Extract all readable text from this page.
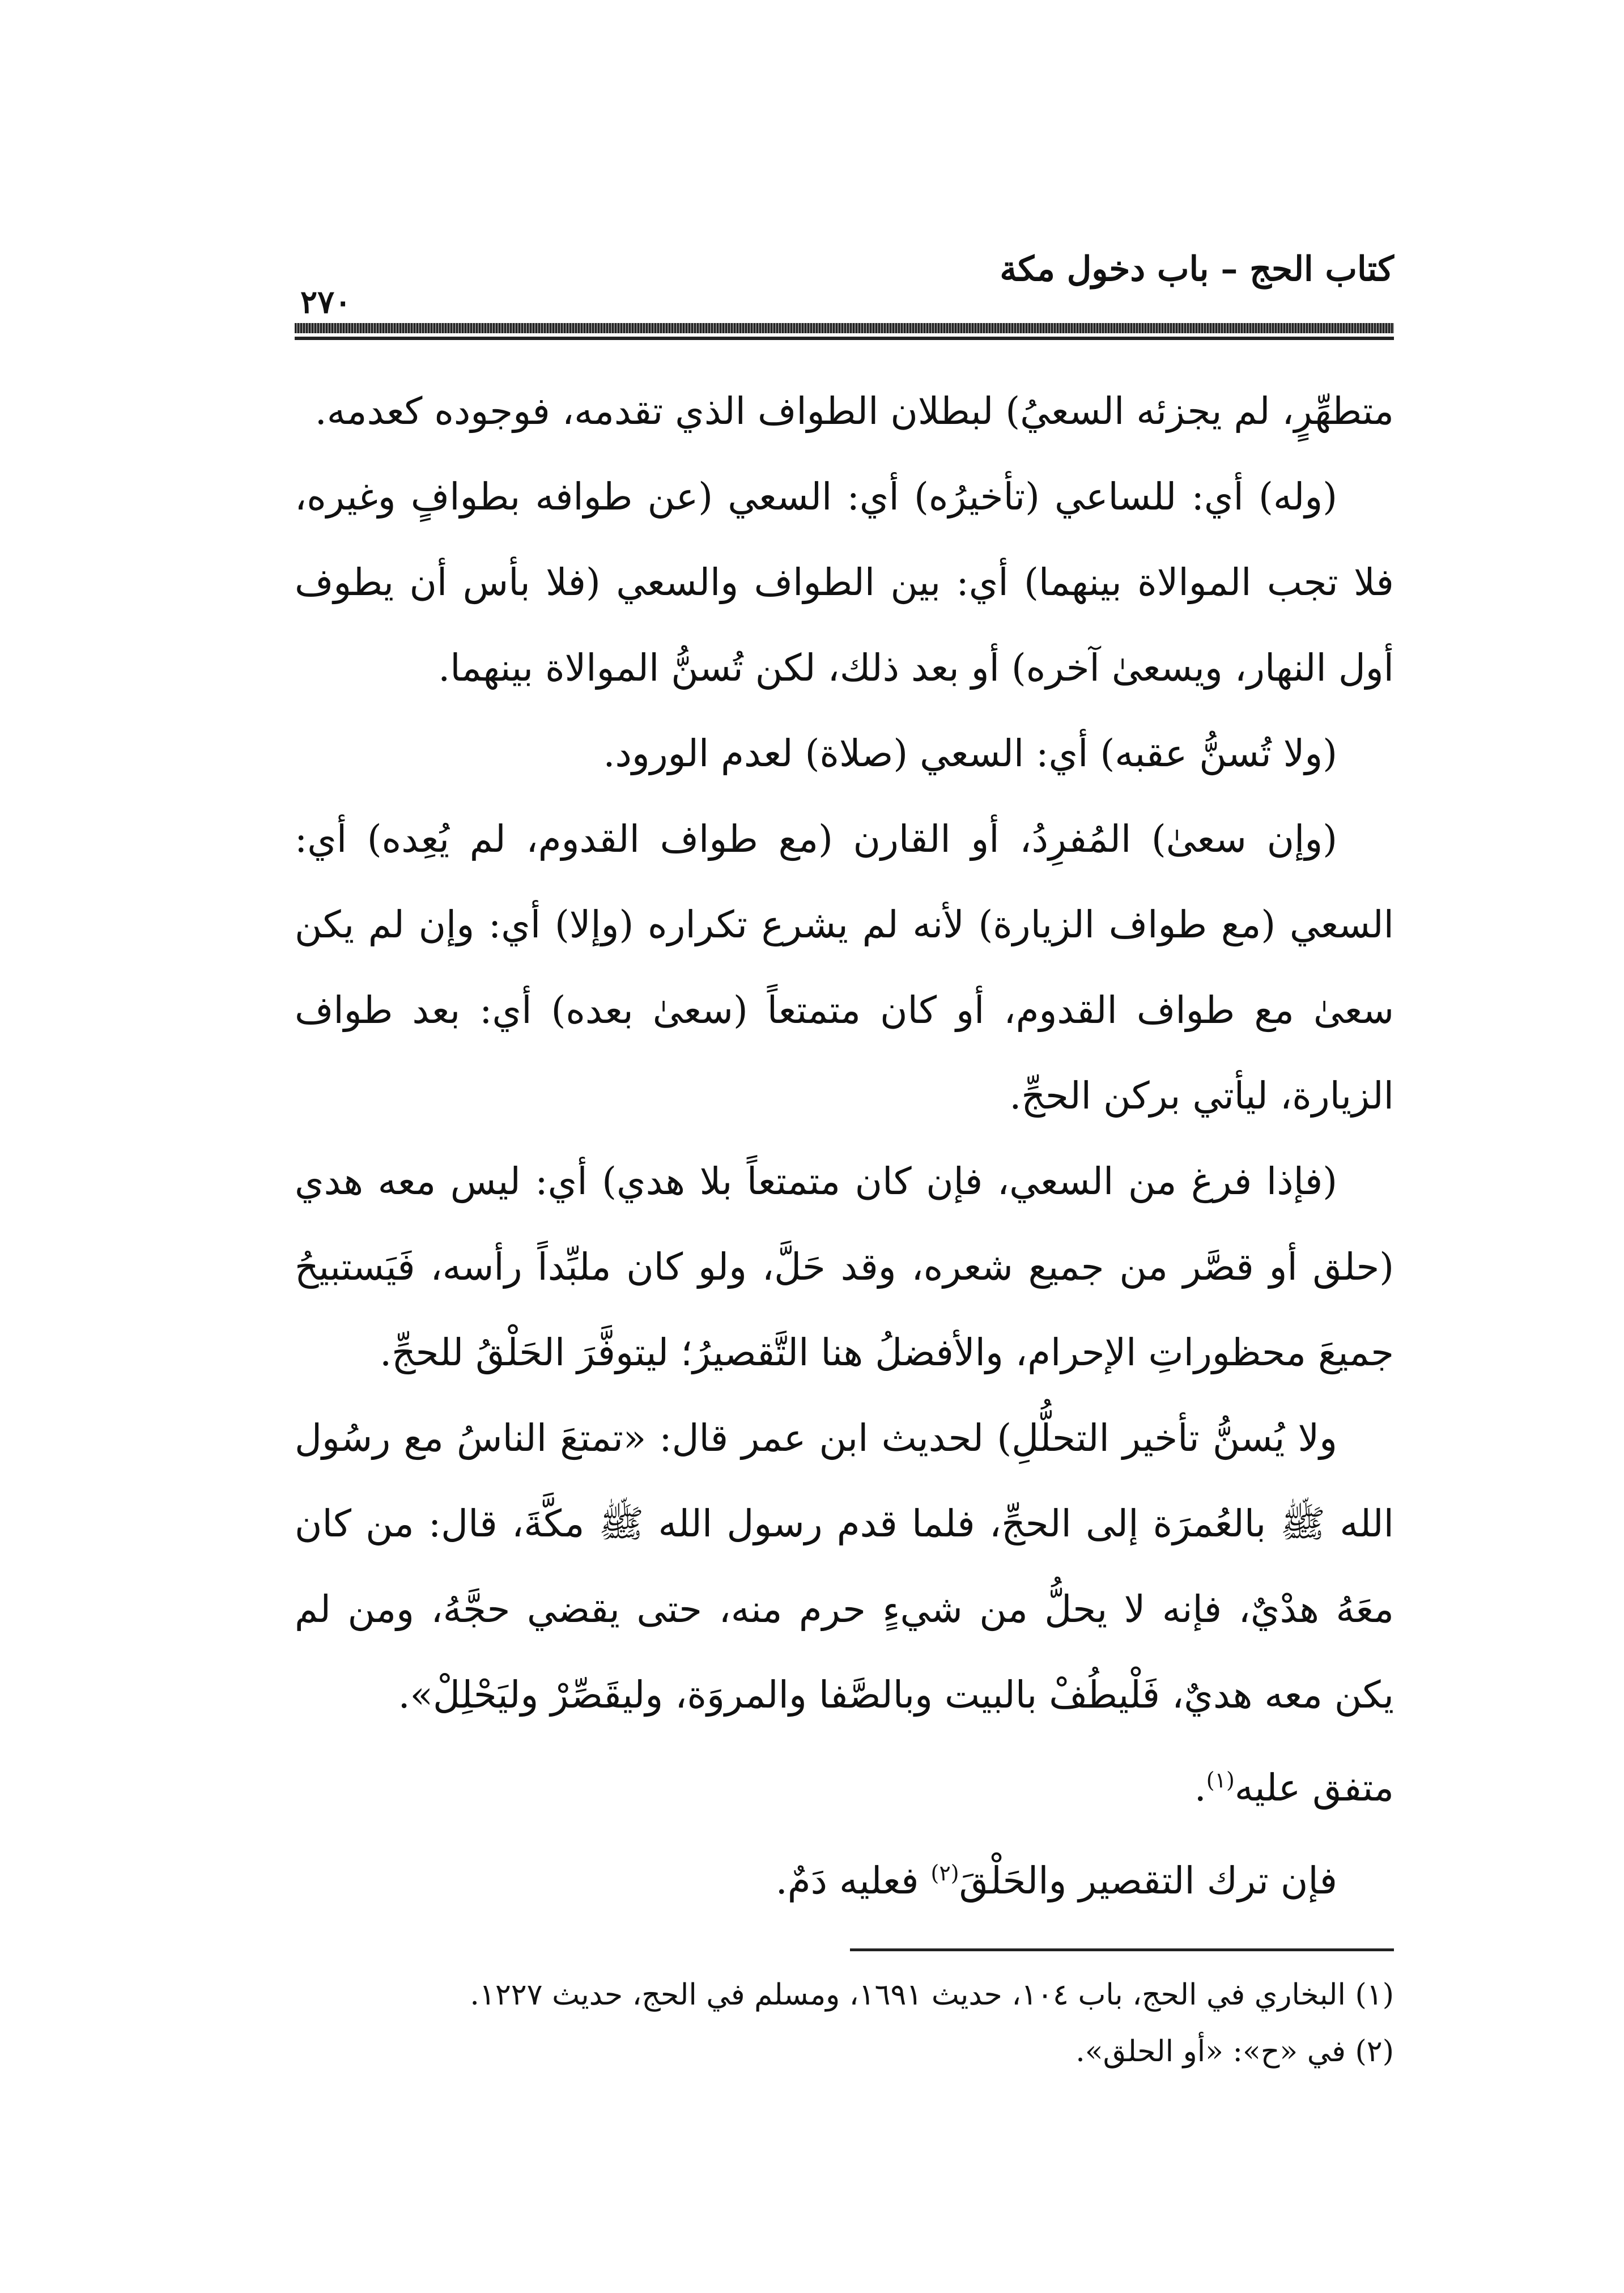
كتاب الحج – باب دخول مكة
٢٧٠

متطهِّرٍ، لم يجزئه السعيُ) لبطلان الطواف الذي تقدمه، فوجوده كعدمه.

(وله) أي: للساعي (تأخيرُه) أي: السعي (عن طوافه بطوافٍ وغيره، فلا تجب الموالاة بينهما) أي: بين الطواف والسعي (فلا بأس أن يطوف أول النهار، ويسعىٰ آخره) أو بعد ذلك، لكن تُسنُّ الموالاة بينهما.

(ولا تُسنُّ عقبه) أي: السعي (صلاة) لعدم الورود.

(وإن سعىٰ) المُفرِدُ، أو القارن (مع طواف القدوم، لم يُعِده) أي: السعي (مع طواف الزيارة) لأنه لم يشرع تكراره (وإلا) أي: وإن لم يكن سعىٰ مع طواف القدوم، أو كان متمتعاً (سعىٰ بعده) أي: بعد طواف الزيارة، ليأتي بركن الحجِّ.

(فإذا فرغ من السعي، فإن كان متمتعاً بلا هدي) أي: ليس معه هدي (حلق أو قصَّر من جميع شعره، وقد حَلَّ، ولو كان ملبِّداً رأسه، فَيَستبيحُ جميعَ محظوراتِ الإحرام، والأفضلُ هنا التَّقصيرُ؛ ليتوفَّرَ الحَلْقُ للحجِّ.

ولا يُسنُّ تأخير التحلُّلِ) لحديث ابن عمر قال: «تمتعَ الناسُ مع رسُول الله ﷺ بالعُمرَة إلى الحجِّ، فلما قدم رسول الله ﷺ مكَّةَ، قال: من كان معَهُ هدْيٌ، فإنه لا يحلُّ من شيءٍ حرم منه، حتى يقضي حجَّهُ، ومن لم يكن معه هديٌ، فَلْيطُفْ بالبيت وبالصَّفا والمروَة، وليقَصِّرْ وليَحْلِلْ».

متفق عليه$^{(١)}$.

فإن ترك التقصير والحَلْقَ$^{(٢)}$ فعليه دَمٌ.

(١) البخاري في الحج، باب ١٠٤، حديث ١٦٩١، ومسلم في الحج، حديث ١٢٢٧.

(٢) في «ح»: «أو الحلق».
